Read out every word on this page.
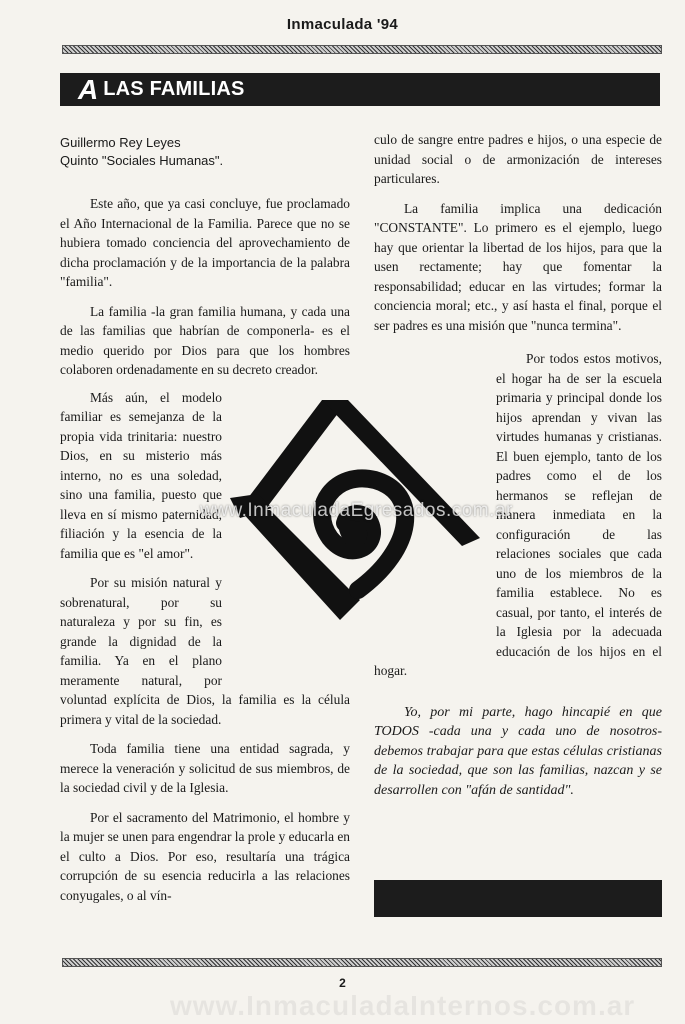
Inmaculada '94
A LAS FAMILIAS
Guillermo Rey Leyes
Quinto "Sociales Humanas".

Este año, que ya casi concluye, fue proclamado el Año Internacional de la Familia. Parece que no se hubiera tomado conciencia del aprovechamiento de dicha proclamación y de la importancia de la palabra "familia".

La familia -la gran familia humana, y cada una de las familias que habrían de componerla- es el medio querido por Dios para que los hombres colaboren ordenadamente en su decreto creador.

Más aún, el modelo familiar es semejanza de la propia vida trinitaria: nuestro Dios, en su misterio más interno, no es una soledad, sino una familia, puesto que lleva en sí mismo paternidad, filiación y la esencia de la familia que es "el amor".

Por su misión natural y sobrenatural, por su naturaleza y por su fin, es grande la dignidad de la familia. Ya en el plano meramente natural, por voluntad explícita de Dios, la familia es la célula primera y vital de la sociedad.

Toda familia tiene una entidad sagrada, y merece la veneración y solicitud de sus miembros, de la sociedad civil y de la Iglesia.

Por el sacramento del Matrimonio, el hombre y la mujer se unen para engendrar la prole y educarla en el culto a Dios. Por eso, resultaría una trágica corrupción de su esencia reducirla a las relaciones conyugales, o al vín-

culo de sangre entre padres e hijos, o una especie de unidad social o de armonización de intereses particulares.

La familia implica una dedicación "CONSTANTE". Lo primero es el ejemplo, luego hay que orientar la libertad de los hijos, para que la usen rectamente; hay que fomentar la responsabilidad; educar en las virtudes; formar la conciencia moral; etc., y así hasta el final, porque el ser padres es una misión que "nunca termina".

Por todos estos motivos, el hogar ha de ser la escuela primaria y principal donde los hijos aprendan y vivan las virtudes humanas y cristianas. El buen ejemplo, tanto de los padres como el de los hermanos se reflejan de manera inmediata en la configuración de las relaciones sociales que cada uno de los miembros de la familia establece. No es casual, por tanto, el interés de la Iglesia por la adecuada educación de los hijos en el hogar.

Yo, por mi parte, hago hincapié en que TODOS -cada una y cada uno de nosotros- debemos trabajar para que estas células cristianas de la sociedad, que son las familias, nazcan y se desarrollen con "afán de santidad".

www.InmaculadaEgresados.com.ar
2
www.InmaculadaInternos.com.ar
